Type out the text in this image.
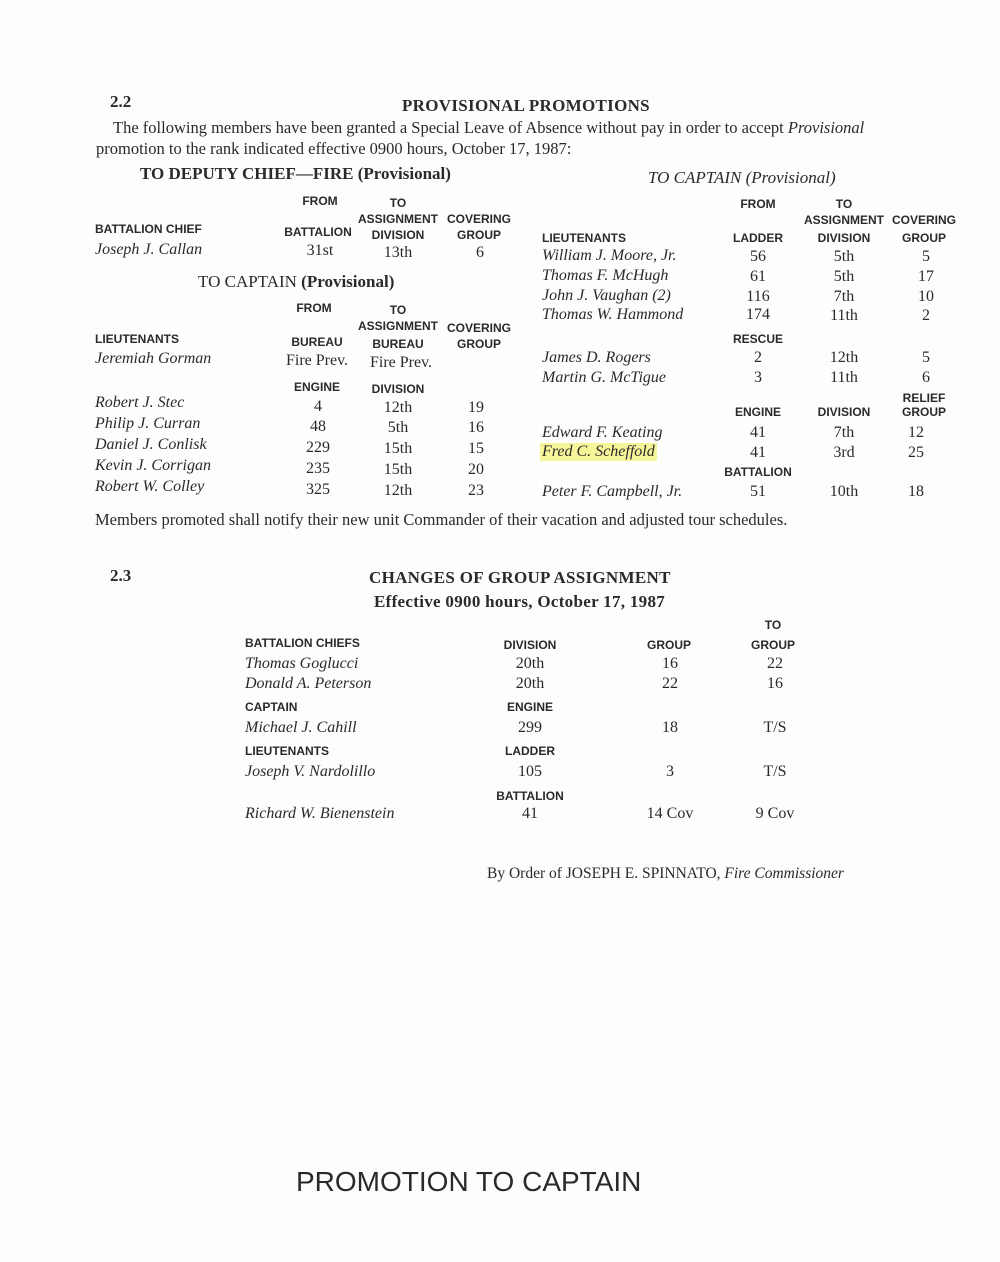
2.2	PROVISIONAL PROMOTIONS
The following members have been granted a Special Leave of Absence without pay in order to accept Provisional
promotion to the rank indicated effective 0900 hours, October 17, 1987:
TO DEPUTY CHIEF—FIRE (Provisional)
FROM	TO
ASSIGNMENT COVERING
BATTALION CHIEF	BATTALION	DIVISION	GROUP
Joseph J. Callan	31st	13th	6
TO CAPTAIN (Provisional)
FROM	TO
ASSIGNMENT COVERING
LIEUTENANTS	BUREAU	BUREAU	GROUP
Jeremiah Gorman	Fire Prev.	Fire Prev.
ENGINE	DIVISION
Robert J. Stec	4	12th	19
Philip J. Curran	48	5th	16
Daniel J. Conlisk	229	15th	15
Kevin J. Corrigan	235	15th	20
Robert W. Colley	325	12th	23
TO CAPTAIN (Provisional)
FROM	TO
ASSIGNMENT COVERING
LIEUTENANTS	LADDER	DIVISION	GROUP
William J. Moore, Jr.	56	5th	5
Thomas F. McHugh	61	5th	17
John J. Vaughan (2)	116	7th	10
Thomas W. Hammond	174	11th	2
RESCUE
James D. Rogers	2	12th	5
Martin G. McTigue	3	11th	6
RELIEF
ENGINE	DIVISION	GROUP
Edward F. Keating	41	7th	12
Fred C. Scheffold	41	3rd	25
BATTALION
Peter F. Campbell, Jr.	51	10th	18
Members promoted shall notify their new unit Commander of their vacation and adjusted tour schedules.
2.3	CHANGES OF GROUP ASSIGNMENT
Effective 0900 hours, October 17, 1987
TO
BATTALION CHIEFS	DIVISION	GROUP	GROUP
Thomas Goglucci	20th	16	22
Donald A. Peterson	20th	22	16
CAPTAIN	ENGINE
Michael J. Cahill	299	18	T/S
LIEUTENANTS	LADDER
Joseph V. Nardolillo	105	3	T/S
BATTALION
Richard W. Bienenstein	41	14 Cov	9 Cov
By Order of JOSEPH E. SPINNATO, Fire Commissioner
PROMOTION TO CAPTAIN
